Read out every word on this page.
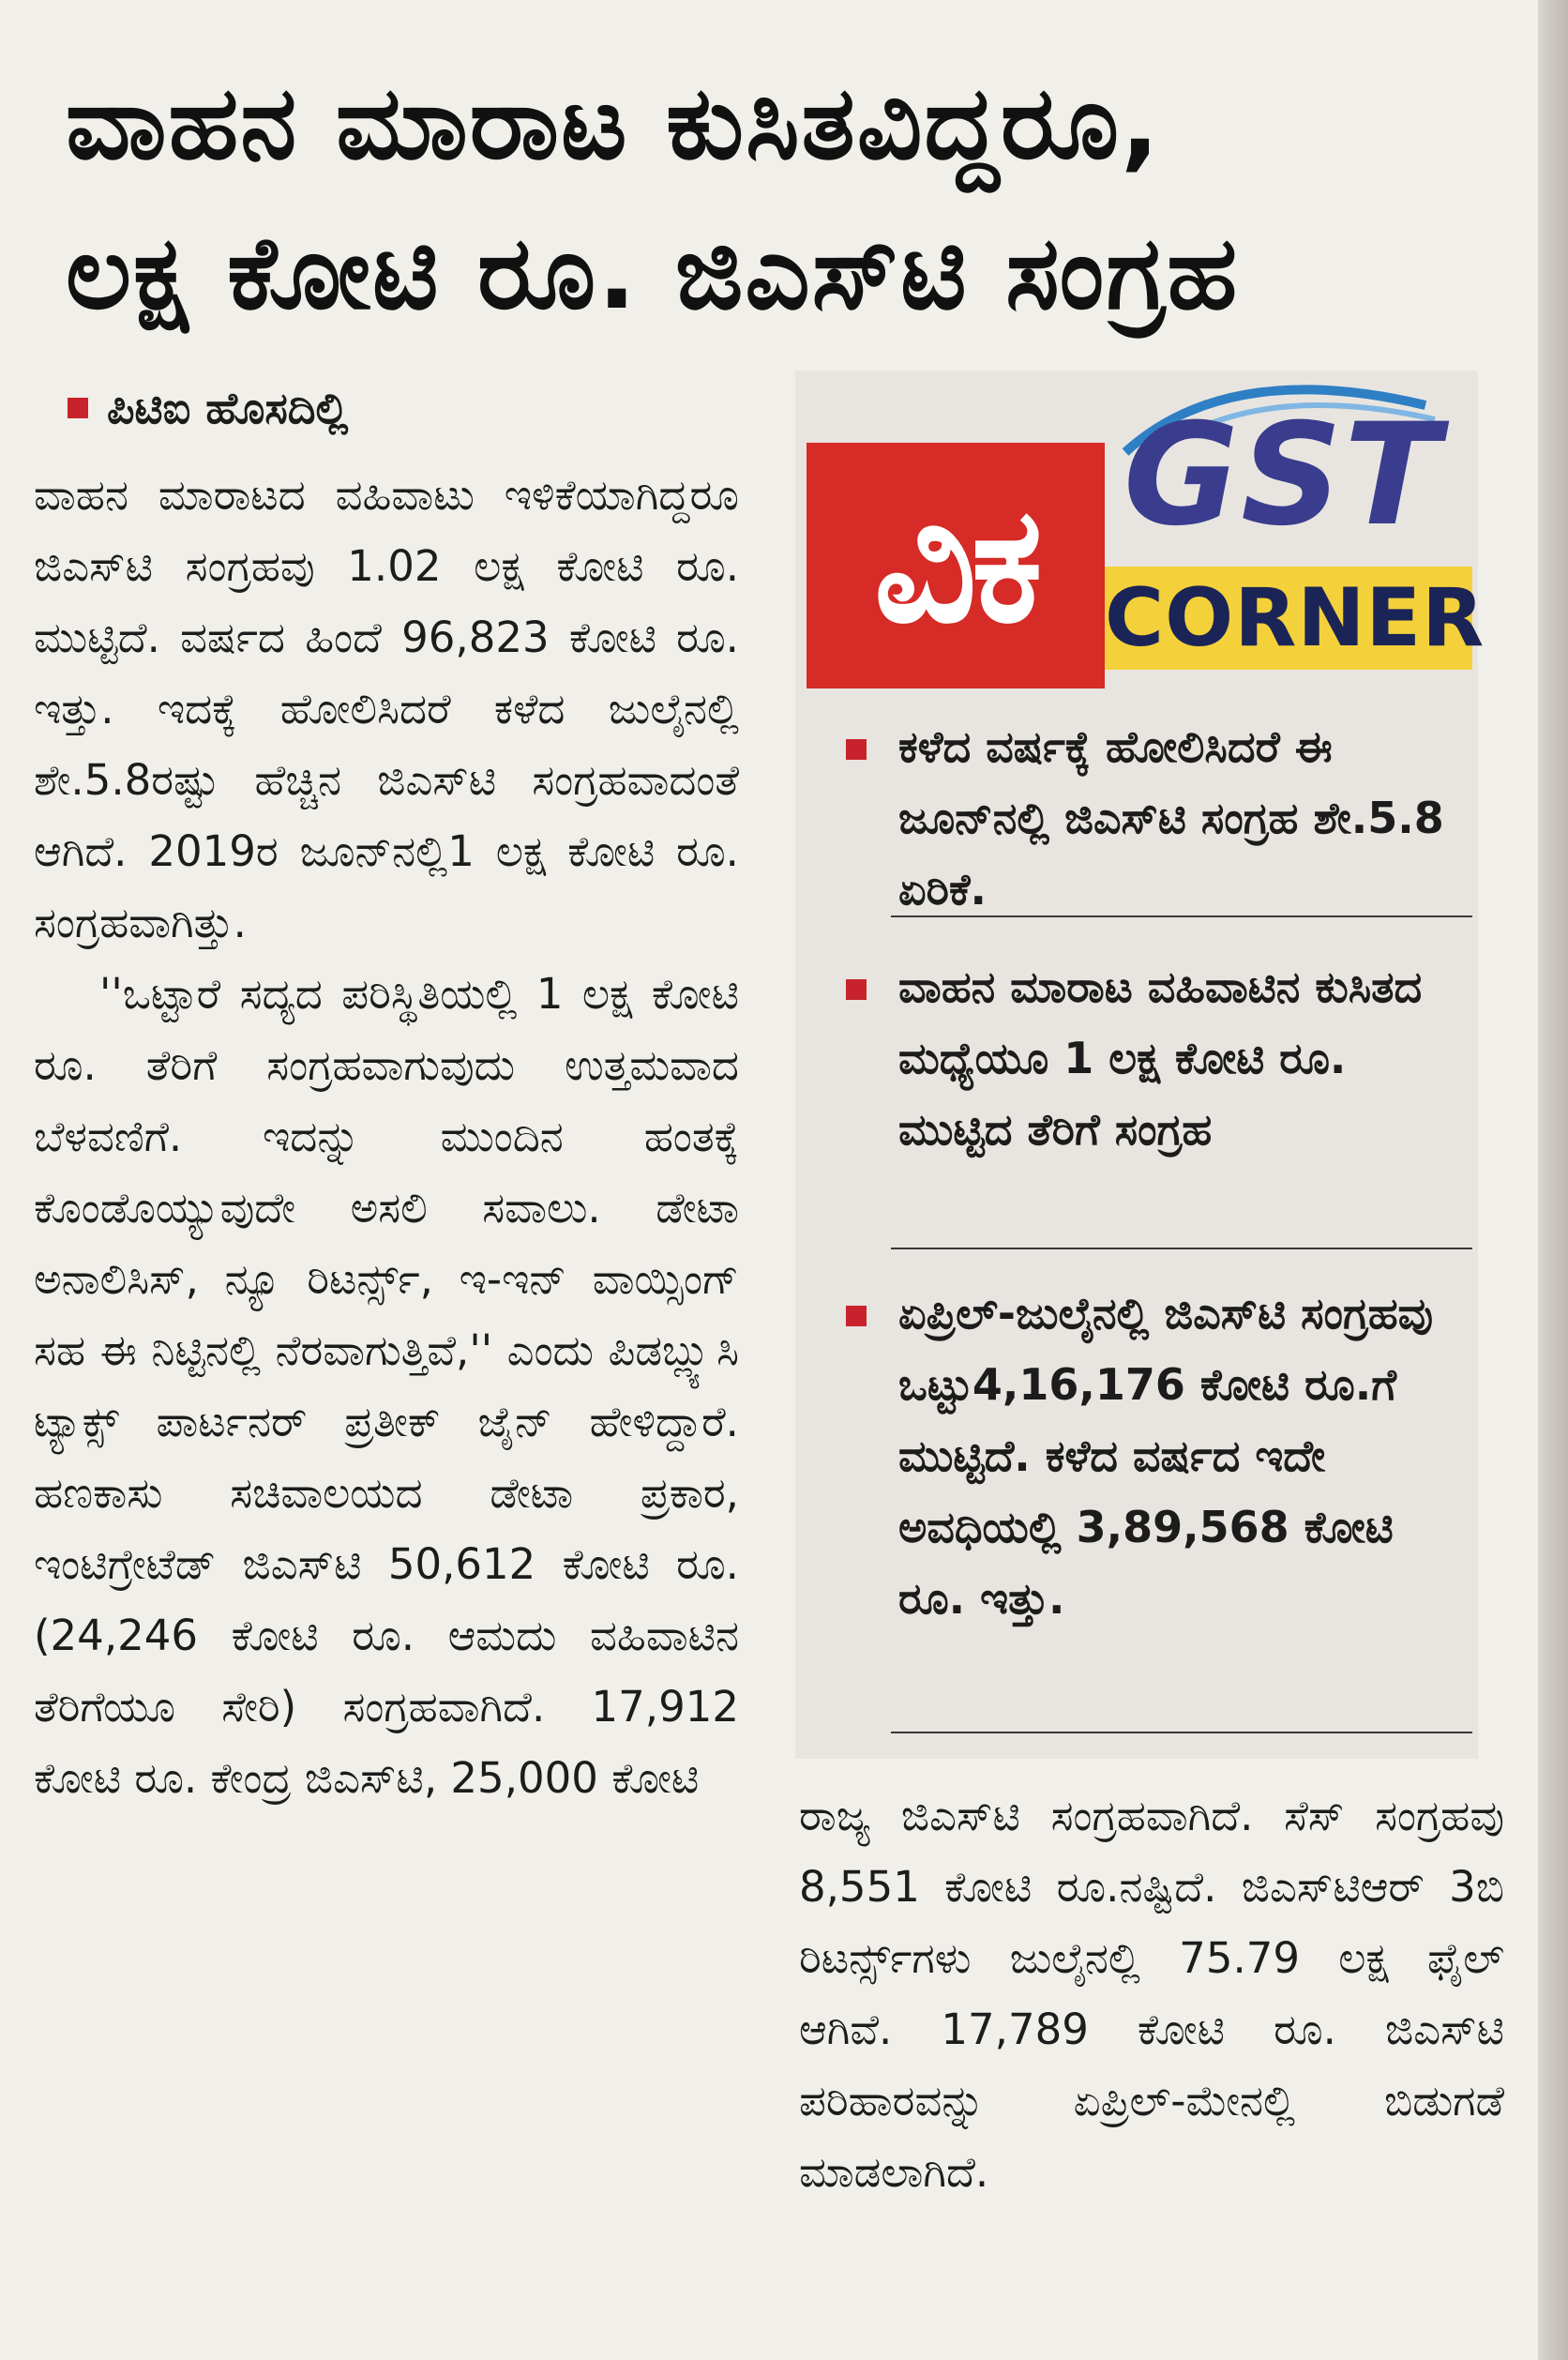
ವಾಹನ ಮಾರಾಟ ಕುಸಿತವಿದ್ದರೂ,
ಲಕ್ಷ ಕೋಟಿ ರೂ. ಜಿಎಸ್‌ಟಿ ಸಂಗ್ರಹ
ಪಿಟಿಐ ಹೊಸದಿಲ್ಲಿ

ವಾಹನ ಮಾರಾಟದ ವಹಿವಾಟು ಇಳಿಕೆಯಾಗಿದ್ದರೂ ಜಿಎಸ್‌ಟಿ ಸಂಗ್ರಹವು 1.02 ಲಕ್ಷ ಕೋಟಿ ರೂ. ಮುಟ್ಟಿದೆ. ವರ್ಷದ ಹಿಂದೆ 96,823 ಕೋಟಿ ರೂ. ಇತ್ತು. ಇದಕ್ಕೆ ಹೋಲಿಸಿದರೆ ಕಳೆದ ಜುಲೈನಲ್ಲಿ ಶೇ.5.8ರಷ್ಟು ಹೆಚ್ಚಿನ ಜಿಎಸ್‌ಟಿ ಸಂಗ್ರಹವಾದಂತೆ ಆಗಿದೆ. 2019ರ ಜೂನ್‌ನಲ್ಲಿ1 ಲಕ್ಷ ಕೋಟಿ ರೂ. ಸಂಗ್ರಹವಾಗಿತ್ತು.

''ಒಟ್ಟಾರೆ ಸದ್ಯದ ಪರಿಸ್ಥಿತಿಯಲ್ಲಿ 1 ಲಕ್ಷ ಕೋಟಿ ರೂ. ತೆರಿಗೆ ಸಂಗ್ರಹವಾಗುವುದು ಉತ್ತಮವಾದ ಬೆಳವಣಿಗೆ. ಇದನ್ನು ಮುಂದಿನ ಹಂತಕ್ಕೆ ಕೊಂಡೊಯ್ಯುವುದೇ ಅಸಲಿ ಸವಾಲು. ಡೇಟಾ ಅನಾಲಿಸಿಸ್, ನ್ಯೂ ರಿಟರ್ನ್ಸ್, ಇ-ಇನ್ ವಾಯ್ಸಿಂಗ್ ಸಹ ಈ ನಿಟ್ಟಿನಲ್ಲಿ ನೆರವಾಗುತ್ತಿವೆ,'' ಎಂದು ಪಿಡಬ್ಲ್ಯುಸಿ ಟ್ಯಾಕ್ಸ್ ಪಾರ್ಟನರ್ ಪ್ರತೀಕ್ ಜೈನ್ ಹೇಳಿದ್ದಾರೆ. ಹಣಕಾಸು ಸಚಿವಾಲಯದ ಡೇಟಾ ಪ್ರಕಾರ, ಇಂಟಿಗ್ರೇಟೆಡ್ ಜಿಎಸ್‌ಟಿ 50,612 ಕೋಟಿ ರೂ. (24,246 ಕೋಟಿ ರೂ. ಆಮದು ವಹಿವಾಟಿನ ತೆರಿಗೆಯೂ ಸೇರಿ) ಸಂಗ್ರಹವಾಗಿದೆ. 17,912 ಕೋಟಿ ರೂ. ಕೇಂದ್ರ ಜಿಎಸ್‌ಟಿ, 25,000 ಕೋಟಿ

ವಿಕ GST
CORNER
ಕಳೆದ ವರ್ಷಕ್ಕೆ ಹೋಲಿಸಿದರೆ ಈ ಜೂನ್‌ನಲ್ಲಿ ಜಿಎಸ್‌ಟಿ ಸಂಗ್ರಹ ಶೇ.5.8 ಏರಿಕೆ.
ವಾಹನ ಮಾರಾಟ ವಹಿವಾಟಿನ ಕುಸಿತದ ಮಧ್ಯೆಯೂ 1 ಲಕ್ಷ ಕೋಟಿ ರೂ. ಮುಟ್ಟಿದ ತೆರಿಗೆ ಸಂಗ್ರಹ
ಏಪ್ರಿಲ್-ಜುಲೈನಲ್ಲಿ ಜಿಎಸ್‌ಟಿ ಸಂಗ್ರಹವು ಒಟ್ಟು4,16,176 ಕೋಟಿ ರೂ.ಗೆ ಮುಟ್ಟಿದೆ. ಕಳೆದ ವರ್ಷದ ಇದೇ ಅವಧಿಯಲ್ಲಿ 3,89,568 ಕೋಟಿ ರೂ. ಇತ್ತು.

ರಾಜ್ಯ ಜಿಎಸ್‌ಟಿ ಸಂಗ್ರಹವಾಗಿದೆ. ಸೆಸ್ ಸಂಗ್ರಹವು 8,551 ಕೋಟಿ ರೂ.ನಷ್ಟಿದೆ. ಜಿಎಸ್‌ಟಿಆರ್ 3ಬಿ ರಿಟರ್ನ್ಸ್‌ಗಳು ಜುಲೈನಲ್ಲಿ 75.79 ಲಕ್ಷ ಫೈಲ್ ಆಗಿವೆ. 17,789 ಕೋಟಿ ರೂ. ಜಿಎಸ್‌ಟಿ ಪರಿಹಾರವನ್ನು ಏಪ್ರಿಲ್-ಮೇನಲ್ಲಿ ಬಿಡುಗಡೆ ಮಾಡಲಾಗಿದೆ.
